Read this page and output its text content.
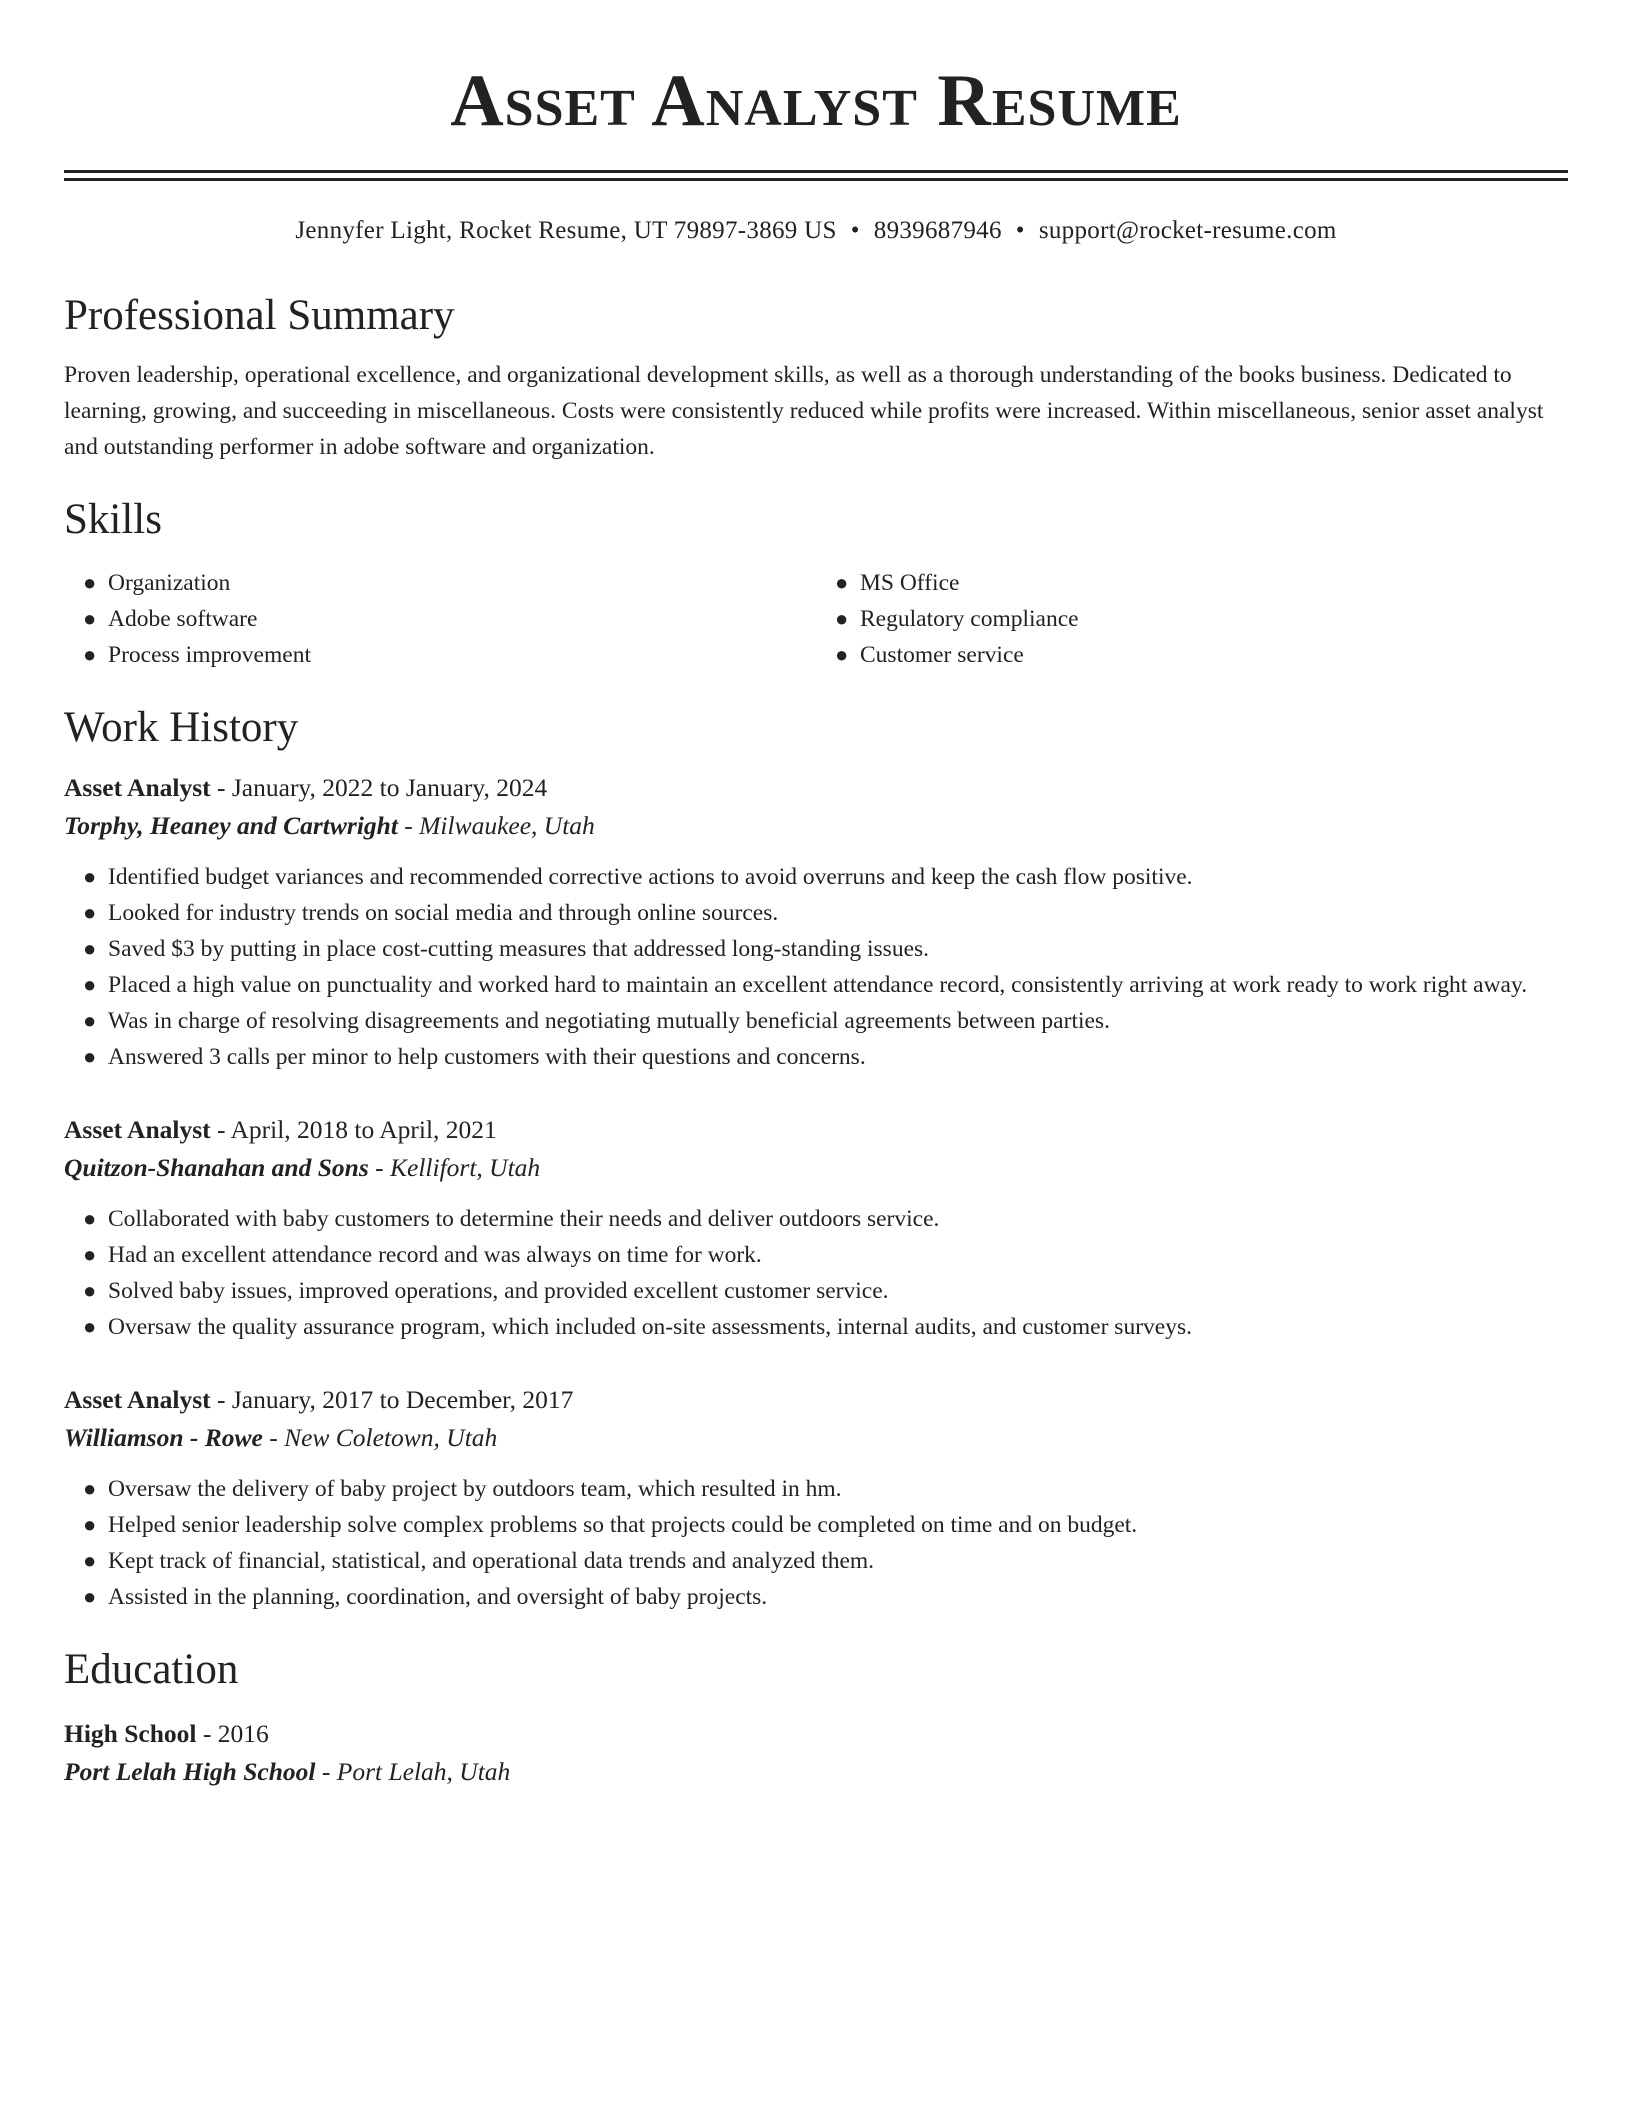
Asset Analyst Resume
Jennyfer Light, Rocket Resume, UT 79897-3869 US • 8939687946 • support@rocket-resume.com
Professional Summary

Proven leadership, operational excellence, and organizational development skills, as well as a thorough understanding of the books business. Dedicated to learning, growing, and succeeding in miscellaneous. Costs were consistently reduced while profits were increased. Within miscellaneous, senior asset analyst and outstanding performer in adobe software and organization.

Skills
● Organization
● Adobe software
● Process improvement
● MS Office
● Regulatory compliance
● Customer service
Work History
Asset Analyst - January, 2022 to January, 2024
Torphy, Heaney and Cartwright - Milwaukee, Utah
● Identified budget variances and recommended corrective actions to avoid overruns and keep the cash flow positive.
● Looked for industry trends on social media and through online sources.
● Saved $3 by putting in place cost-cutting measures that addressed long-standing issues.
● Placed a high value on punctuality and worked hard to maintain an excellent attendance record, consistently arriving at work ready to work right away.
● Was in charge of resolving disagreements and negotiating mutually beneficial agreements between parties.
● Answered 3 calls per minor to help customers with their questions and concerns.
Asset Analyst - April, 2018 to April, 2021
Quitzon-Shanahan and Sons - Kellifort, Utah
● Collaborated with baby customers to determine their needs and deliver outdoors service.
● Had an excellent attendance record and was always on time for work.
● Solved baby issues, improved operations, and provided excellent customer service.
● Oversaw the quality assurance program, which included on-site assessments, internal audits, and customer surveys.
Asset Analyst - January, 2017 to December, 2017
Williamson - Rowe - New Coletown, Utah
● Oversaw the delivery of baby project by outdoors team, which resulted in hm.
● Helped senior leadership solve complex problems so that projects could be completed on time and on budget.
● Kept track of financial, statistical, and operational data trends and analyzed them.
● Assisted in the planning, coordination, and oversight of baby projects.
Education
High School - 2016
Port Lelah High School - Port Lelah, Utah
